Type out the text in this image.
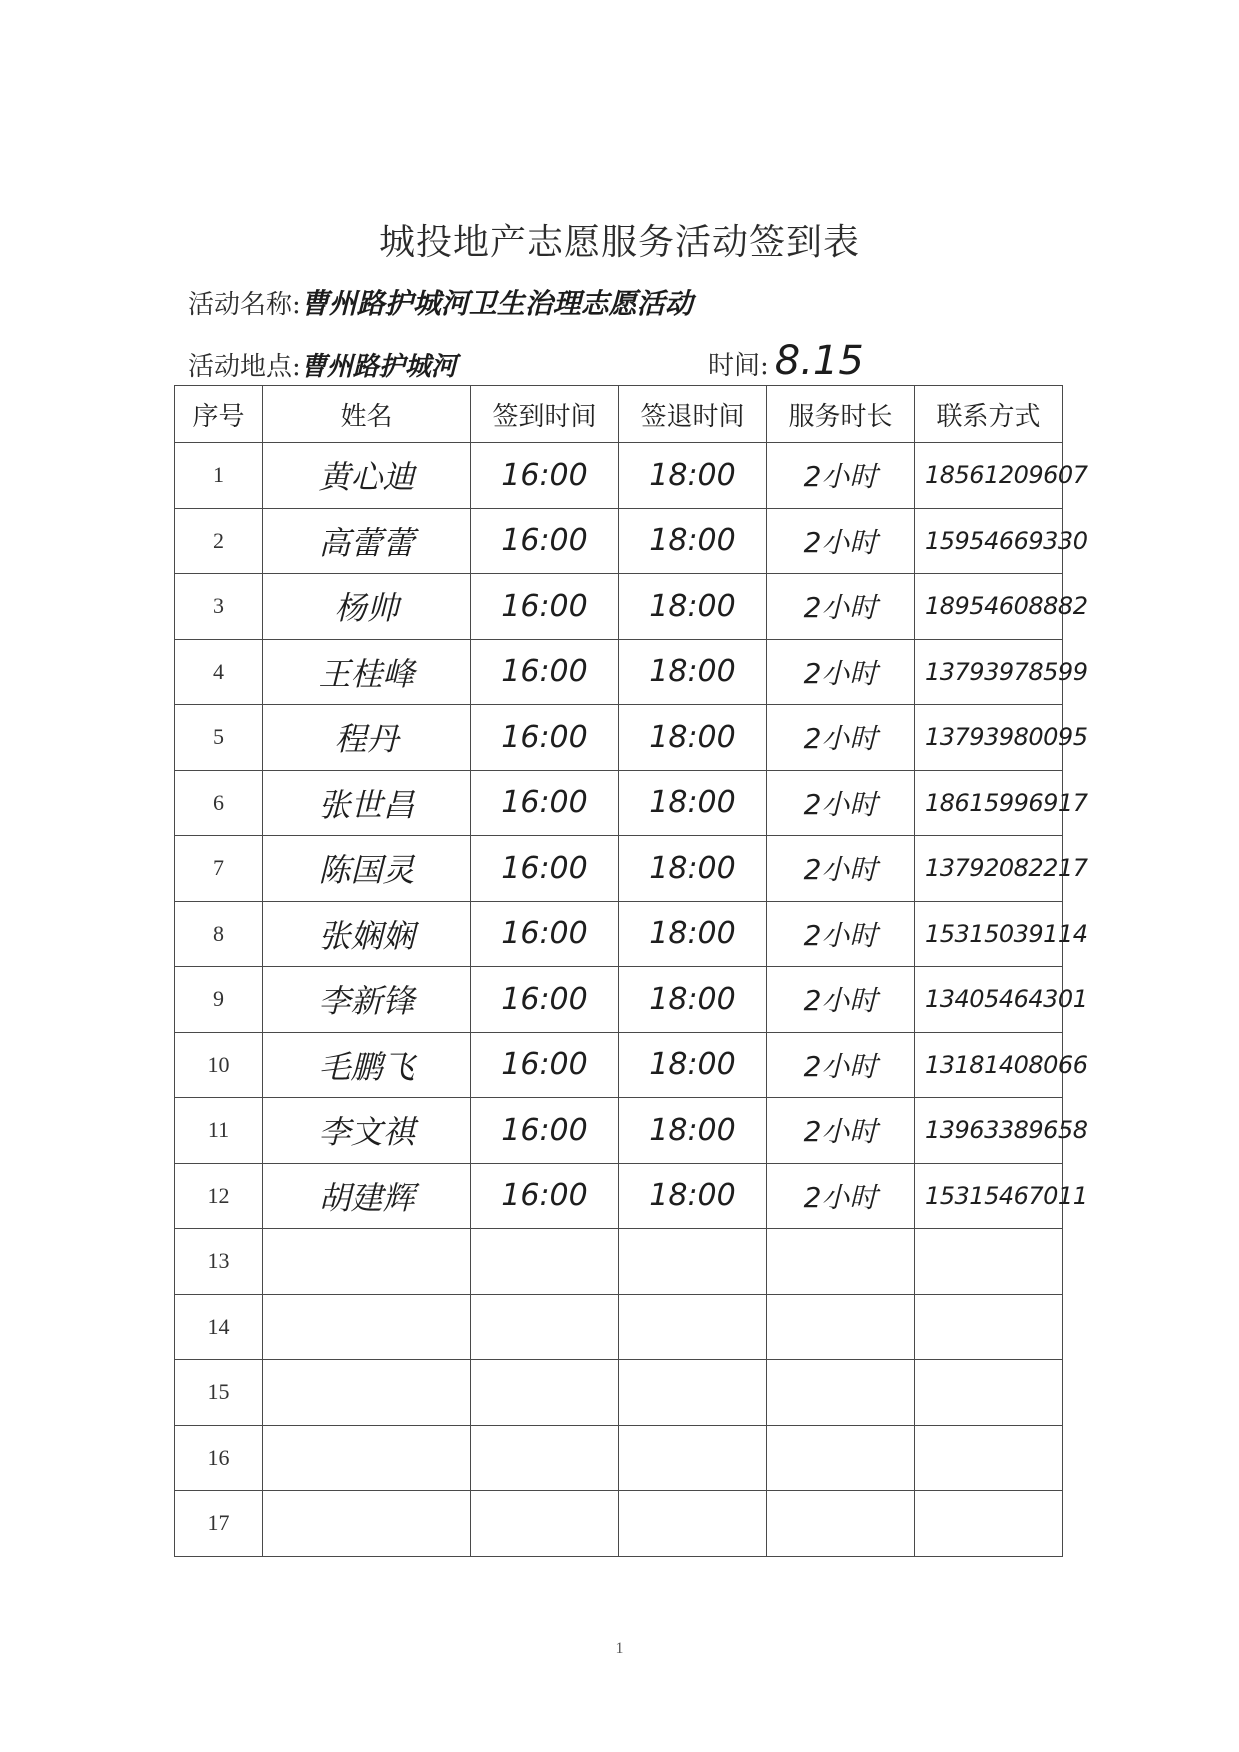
城投地产志愿服务活动签到表
活动名称:曹州路护城河卫生治理志愿活动
活动地点:曹州路护城河	时间: 8.15
序号	姓名	签到时间	签退时间	服务时长	联系方式
1	黄心迪	16:00	18:00	2小时	18561209607
2	高蕾蕾	16:00	18:00	2小时	15954669330
3	杨帅	16:00	18:00	2小时	18954608882
4	王桂峰	16:00	18:00	2小时	13793978599
5	程丹	16:00	18:00	2小时	13793980095
6	张世昌	16:00	18:00	2小时	18615996917
7	陈国灵	16:00	18:00	2小时	13792082217
8	张娴娴	16:00	18:00	2小时	15315039114
9	李新锋	16:00	18:00	2小时	13405464301
10	毛鹏飞	16:00	18:00	2小时	13181408066
11	李文祺	16:00	18:00	2小时	13963389658
12	胡建辉	16:00	18:00	2小时	15315467011
13					
14					
15					
16					
17					
1
